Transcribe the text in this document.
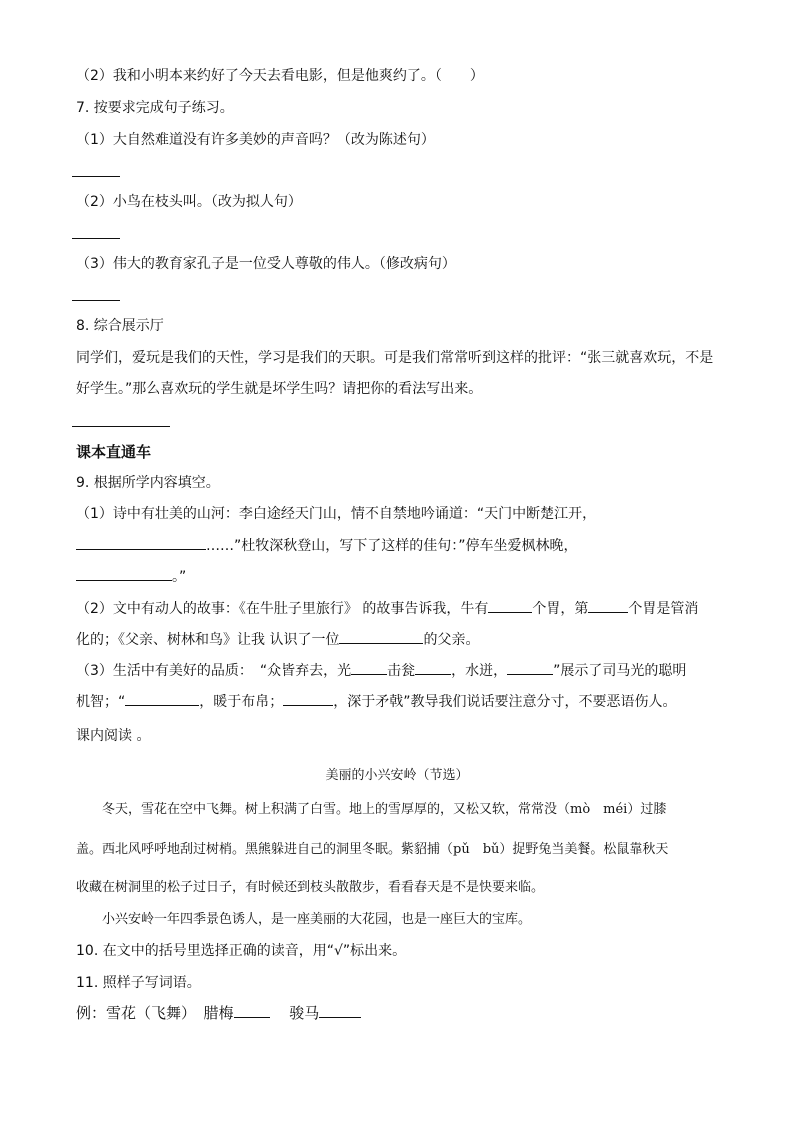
（2）我和小明本来约好了今天去看电影，但是他爽约了。（　　）
7. 按要求完成句子练习。
（1）大自然难道没有许多美妙的声音吗？（改为陈述句）
（2）小鸟在枝头叫。（改为拟人句）
（3）伟大的教育家孔子是一位受人尊敬的伟人。（修改病句）
8. 综合展示厅
同学们，爱玩是我们的天性，学习是我们的天职。可是我们常常听到这样的批评：“张三就喜欢玩，不是
好学生。”那么喜欢玩的学生就是坏学生吗？请把你的看法写出来。
课本直通车
9. 根据所学内容填空。
（1）诗中有壮美的山河：李白途经天门山，情不自禁地吟诵道：“天门中断楚江开，
……”杜牧深秋登山，写下了这样的佳句：”停车坐爱枫林晚，
。”
（2）文中有动人的故事：《在牛肚子里旅行》 的故事告诉我，牛有	个胃，第	个胃是管消
化的；《父亲、树林和鸟》让我 认识了一位	的父亲。
（3）生活中有美好的品质：　“众皆弃去，光	击瓮	，水迸，	”展示了司马光的聪明
机智；“	，暖于布帛；	，深于矛戟”教导我们说话要注意分寸，不要恶语伤人。
课内阅读 。
美丽的小兴安岭（节选）
冬天，雪花在空中飞舞。树上积满了白雪。地上的雪厚厚的，又松又软，常常没（mò　méi）过膝
盖。西北风呼呼地刮过树梢。黑熊躲进自己的洞里冬眠。紫貂捕（pǔ　bǔ）捉野兔当美餐。松鼠靠秋天
收藏在树洞里的松子过日子，有时候还到枝头散散步，看看春天是不是快要来临。
小兴安岭一年四季景色诱人，是一座美丽的大花园，也是一座巨大的宝库。
10. 在文中的括号里选择正确的读音，用“√”标出来。
11. 照样子写词语。
例：雪花（飞舞）　腊梅　 骏马
